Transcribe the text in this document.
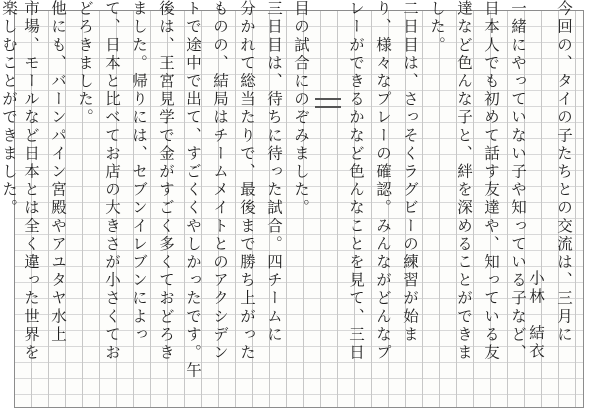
小林　結衣 今回の、タイの子たちとの交流は、三月に
一緒にやっていない子や知っている子など、
日本人でも初めて話す友達や、知っている友
達など色んな子と、絆を深めることができま
した。
二日目は、さっそくラグビーの練習が始ま
り、様々なプレーの確認。みんながどんなプ
レーができるかなど色んなことを見て、三日
目の試合にのぞみました。
三日目は、待ちに待った試合。四チームに
分かれて総当たりで、最後まで勝ち上がった
ものの、結局はチームメイトとのアクシデン
トで途中で出て、すごくくやしかったです。午
後は、王宮見学で金がすごく多くておどろき
ました。帰りには、セブンイレブンによっ
て、日本と比べてお店の大きさが小さくてお
どろきました。
他にも、バーンパイン宮殿やアユタヤ水上
市場、モールなど日本とは全く違った世界を
楽しむことができました。
